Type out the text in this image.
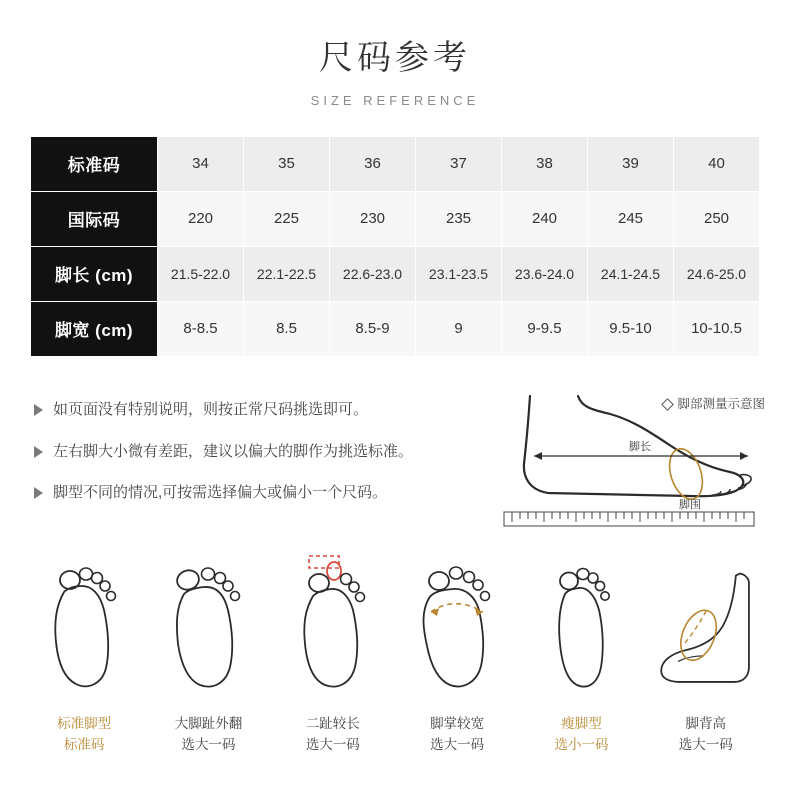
尺码参考
SIZE REFERENCE
标准码	34	35	36	37	38	39	40
国际码	220	225	230	235	240	245	250
脚长 (cm)	21.5-22.0	22.1-22.5	22.6-23.0	23.1-23.5	23.6-24.0	24.1-24.5	24.6-25.0
脚宽 (cm)	8-8.5	8.5	8.5-9	9	9-9.5	9.5-10	10-10.5
如页面没有特别说明，则按正常尺码挑选即可。
左右脚大小微有差距，建议以偏大的脚作为挑选标准。
脚型不同的情况,可按需选择偏大或偏小一个尺码。
脚部测量示意图
脚长
脚围
标准脚型
标准码
大脚趾外翻
选大一码
二趾较长
选大一码
脚掌较宽
选大一码
瘦脚型
选小一码
脚背高
选大一码
